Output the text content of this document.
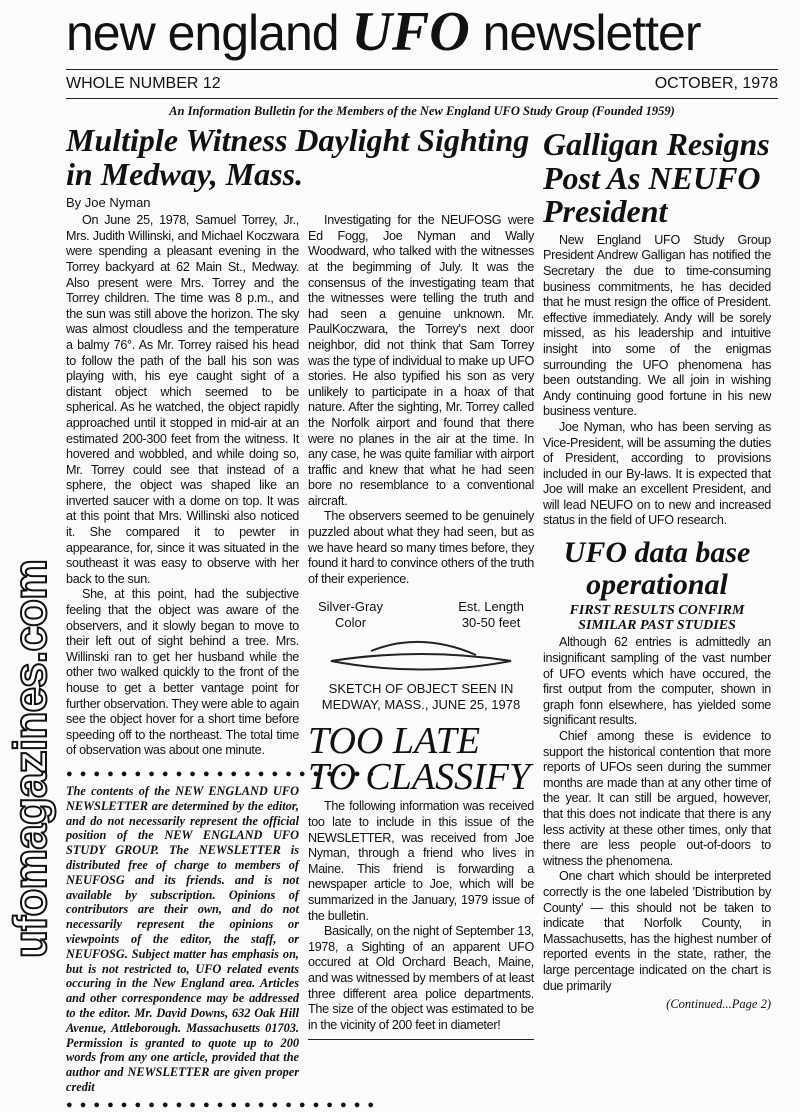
new england UFO newsletter
WHOLE NUMBER 12	OCTOBER, 1978
An Information Bulletin for the Members of the New England UFO Study Group (Founded 1959)
Multiple Witness Daylight Sighting in Medway, Mass.
By Joe Nyman

On June 25, 1978, Samuel Torrey, Jr., Mrs. Judith Willinski, and Michael Koczwara were spending a pleasant evening in the Torrey backyard at 62 Main St., Medway. Also present were Mrs. Torrey and the Torrey children. The time was 8 p.m., and the sun was still above the horizon. The sky was almost cloudless and the temperature a balmy 76°. As Mr. Torrey raised his head to follow the path of the ball his son was playing with, his eye caught sight of a distant object which seemed to be spherical. As he watched, the object rapidly approached until it stopped in mid-air at an estimated 200-300 feet from the witness. It hovered and wobbled, and while doing so, Mr. Torrey could see that instead of a sphere, the object was shaped like an inverted saucer with a dome on top. It was at this point that Mrs. Willinski also noticed it. She compared it to pewter in appearance, for, since it was situated in the southeast it was easy to observe with her back to the sun.

She, at this point, had the subjective feeling that the object was aware of the observers, and it slowly began to move to their left out of sight behind a tree. Mrs. Willinski ran to get her husband while the other two walked quickly to the front of the house to get a better vantage point for further observation. They were able to again see the object hover for a short time before speeding off to the northeast. The total time of observation was about one minute.

● ● ● ● ● ● ● ● ● ● ● ● ● ● ● ● ● ● ● ● ● ● ●
The contents of the NEW ENGLAND UFO NEWSLETTER are determined by the editor, and do not necessarily represent the official position of the NEW ENGLAND UFO STUDY GROUP. The NEWSLETTER is distributed free of charge to members of NEUFOSG and its friends. and is not available by subscription. Opinions of contributors are their own, and do not necessarily represent the opinions or viewpoints of the editor, the staff, or NEUFOSG. Subject matter has emphasis on, but is not restricted to, UFO related events occuring in the New England area. Articles and other correspondence may be addressed to the editor. Mr. David Downs, 632 Oak Hill Avenue, Attleborough. Massachusetts 01703. Permission is granted to quote up to 200 words from any one article, provided that the author and NEWSLETTER are given proper credit
● ● ● ● ● ● ● ● ● ● ● ● ● ● ● ● ● ● ● ● ● ● ●

Investigating for the NEUFOSG were Ed Fogg, Joe Nyman and Wally Woodward, who talked with the witnesses at the begimming of July. It was the consensus of the investigating team that the witnesses were telling the truth and had seen a genuine unknown. Mr. PaulKoczwara, the Torrey's next door neighbor, did not think that Sam Torrey was the type of individual to make up UFO stories. He also typified his son as very unlikely to participate in a hoax of that nature. After the sighting, Mr. Torrey called the Norfolk airport and found that there were no planes in the air at the time. In any case, he was quite familiar with airport traffic and knew that what he had seen bore no resemblance to a conventional aircraft.

The observers seemed to be genuinely puzzled about what they had seen, but as we have heard so many times before, they found it hard to convince others of the truth of their experience.

Silver-Gray
Color
Est. Length
30-50 feet
SKETCH OF OBJECT SEEN IN MEDWAY, MASS., JUNE 25, 1978
TOO LATE TO CLASSIFY

The following information was received too late to include in this issue of the NEWSLETTER, was received from Joe Nyman, through a friend who lives in Maine. This friend is forwarding a newspaper article to Joe, which will be summarized in the January, 1979 issue of the bulletin.

Basically, on the night of September 13, 1978, a Sighting of an apparent UFO occured at Old Orchard Beach, Maine, and was witnessed by members of at least three different area police departments. The size of the object was estimated to be in the vicinity of 200 feet in diameter!

Galligan Resigns Post As NEUFO President

New England UFO Study Group President Andrew Galligan has notified the Secretary the due to time-consuming business commitments, he has decided that he must resign the office of President. effective immediately. Andy will be sorely missed, as his leadership and intuitive insight into some of the enigmas surrounding the UFO phenomena has been outstanding. We all join in wishing Andy continuing good fortune in his new business venture.

Joe Nyman, who has been serving as Vice-President, will be assuming the duties of President, according to provisions included in our By-laws. It is expected that Joe will make an excellent President, and will lead NEUFO on to new and increased status in the field of UFO research.

UFO data base operational
FIRST RESULTS CONFIRM SIMILAR PAST STUDIES

Although 62 entries is admittedly an insignificant sampling of the vast number of UFO events which have occured, the first output from the computer, shown in graph fonn elsewhere, has yielded some significant results.

Chief among these is evidence to support the historical contention that more reports of UFOs seen during the summer months are made than at any other time of the year. It can still be argued, however, that this does not indicate that there is any less activity at these other times, only that there are less people out-of-doors to witness the phenomena.

One chart which should be interpreted correctly is the one labeled 'Distribution by County' — this should not be taken to indicate that Norfolk County, in Massachusetts, has the highest number of reported events in the state, rather, the large percentage indicated on the chart is due primarily

(Continued...Page 2)
ufomagazines.com
